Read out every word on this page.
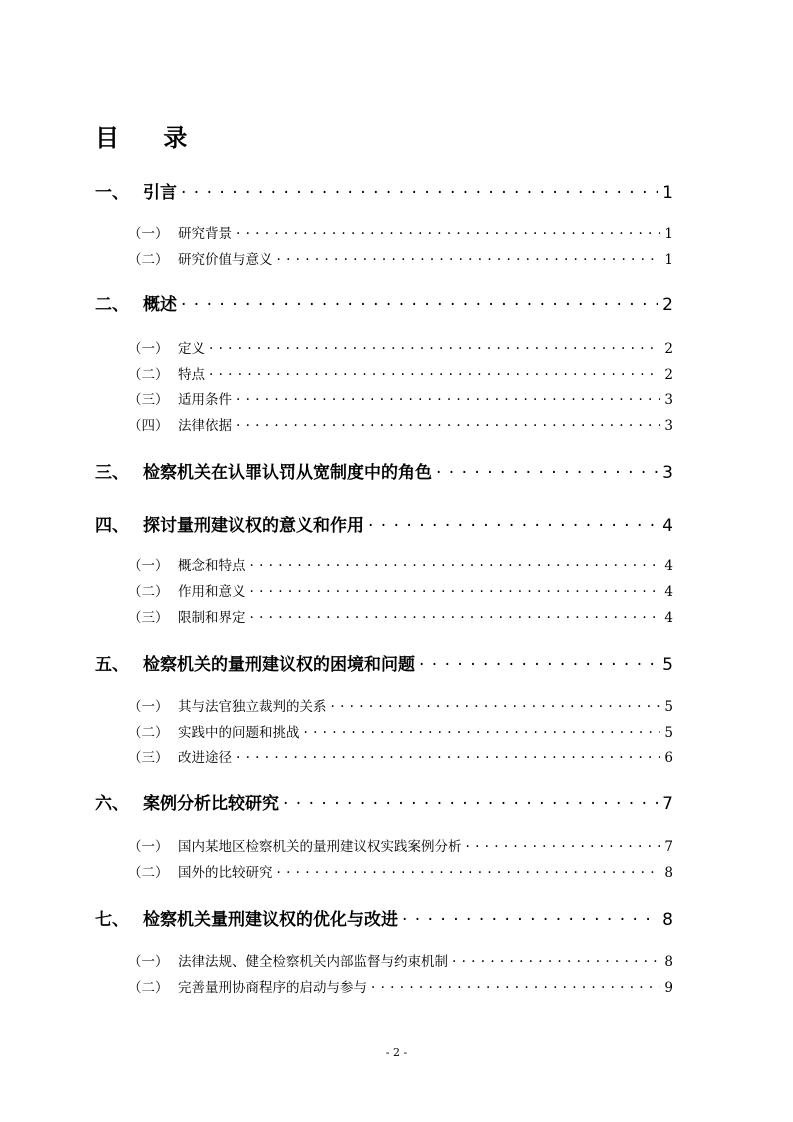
目 录
一、 引言 . . .	1
（一） 研究背景 . . .	1
（二） 研究价值与意义 . . .	1
二、 概述 . . .	2
（一） 定义 . . .	2
（二） 特点 . . .	2
（三） 适用条件 . . .	3
（四） 法律依据 . . .	3
三、 检察机关在认罪认罚从宽制度中的角色 . . .	3
四、 探讨量刑建议权的意义和作用 . . .	4
（一） 概念和特点 . . .	4
（二） 作用和意义 . . .	4
（三） 限制和界定 . . .	4
五、 检察机关的量刑建议权的困境和问题 . . .	5
（一） 其与法官独立裁判的关系 . . .	5
（二） 实践中的问题和挑战 . . .	5
（三） 改进途径 . . .	6
六、 案例分析比较研究 . . .	7
（一） 国内某地区检察机关的量刑建议权实践案例分析 . . .	7
（二） 国外的比较研究 . . .	8
七、 检察机关量刑建议权的优化与改进 . . .	8
（一） 法律法规、健全检察机关内部监督与约束机制 . . .	8
（二） 完善量刑协商程序的启动与参与 . . .	9
- 2 -
